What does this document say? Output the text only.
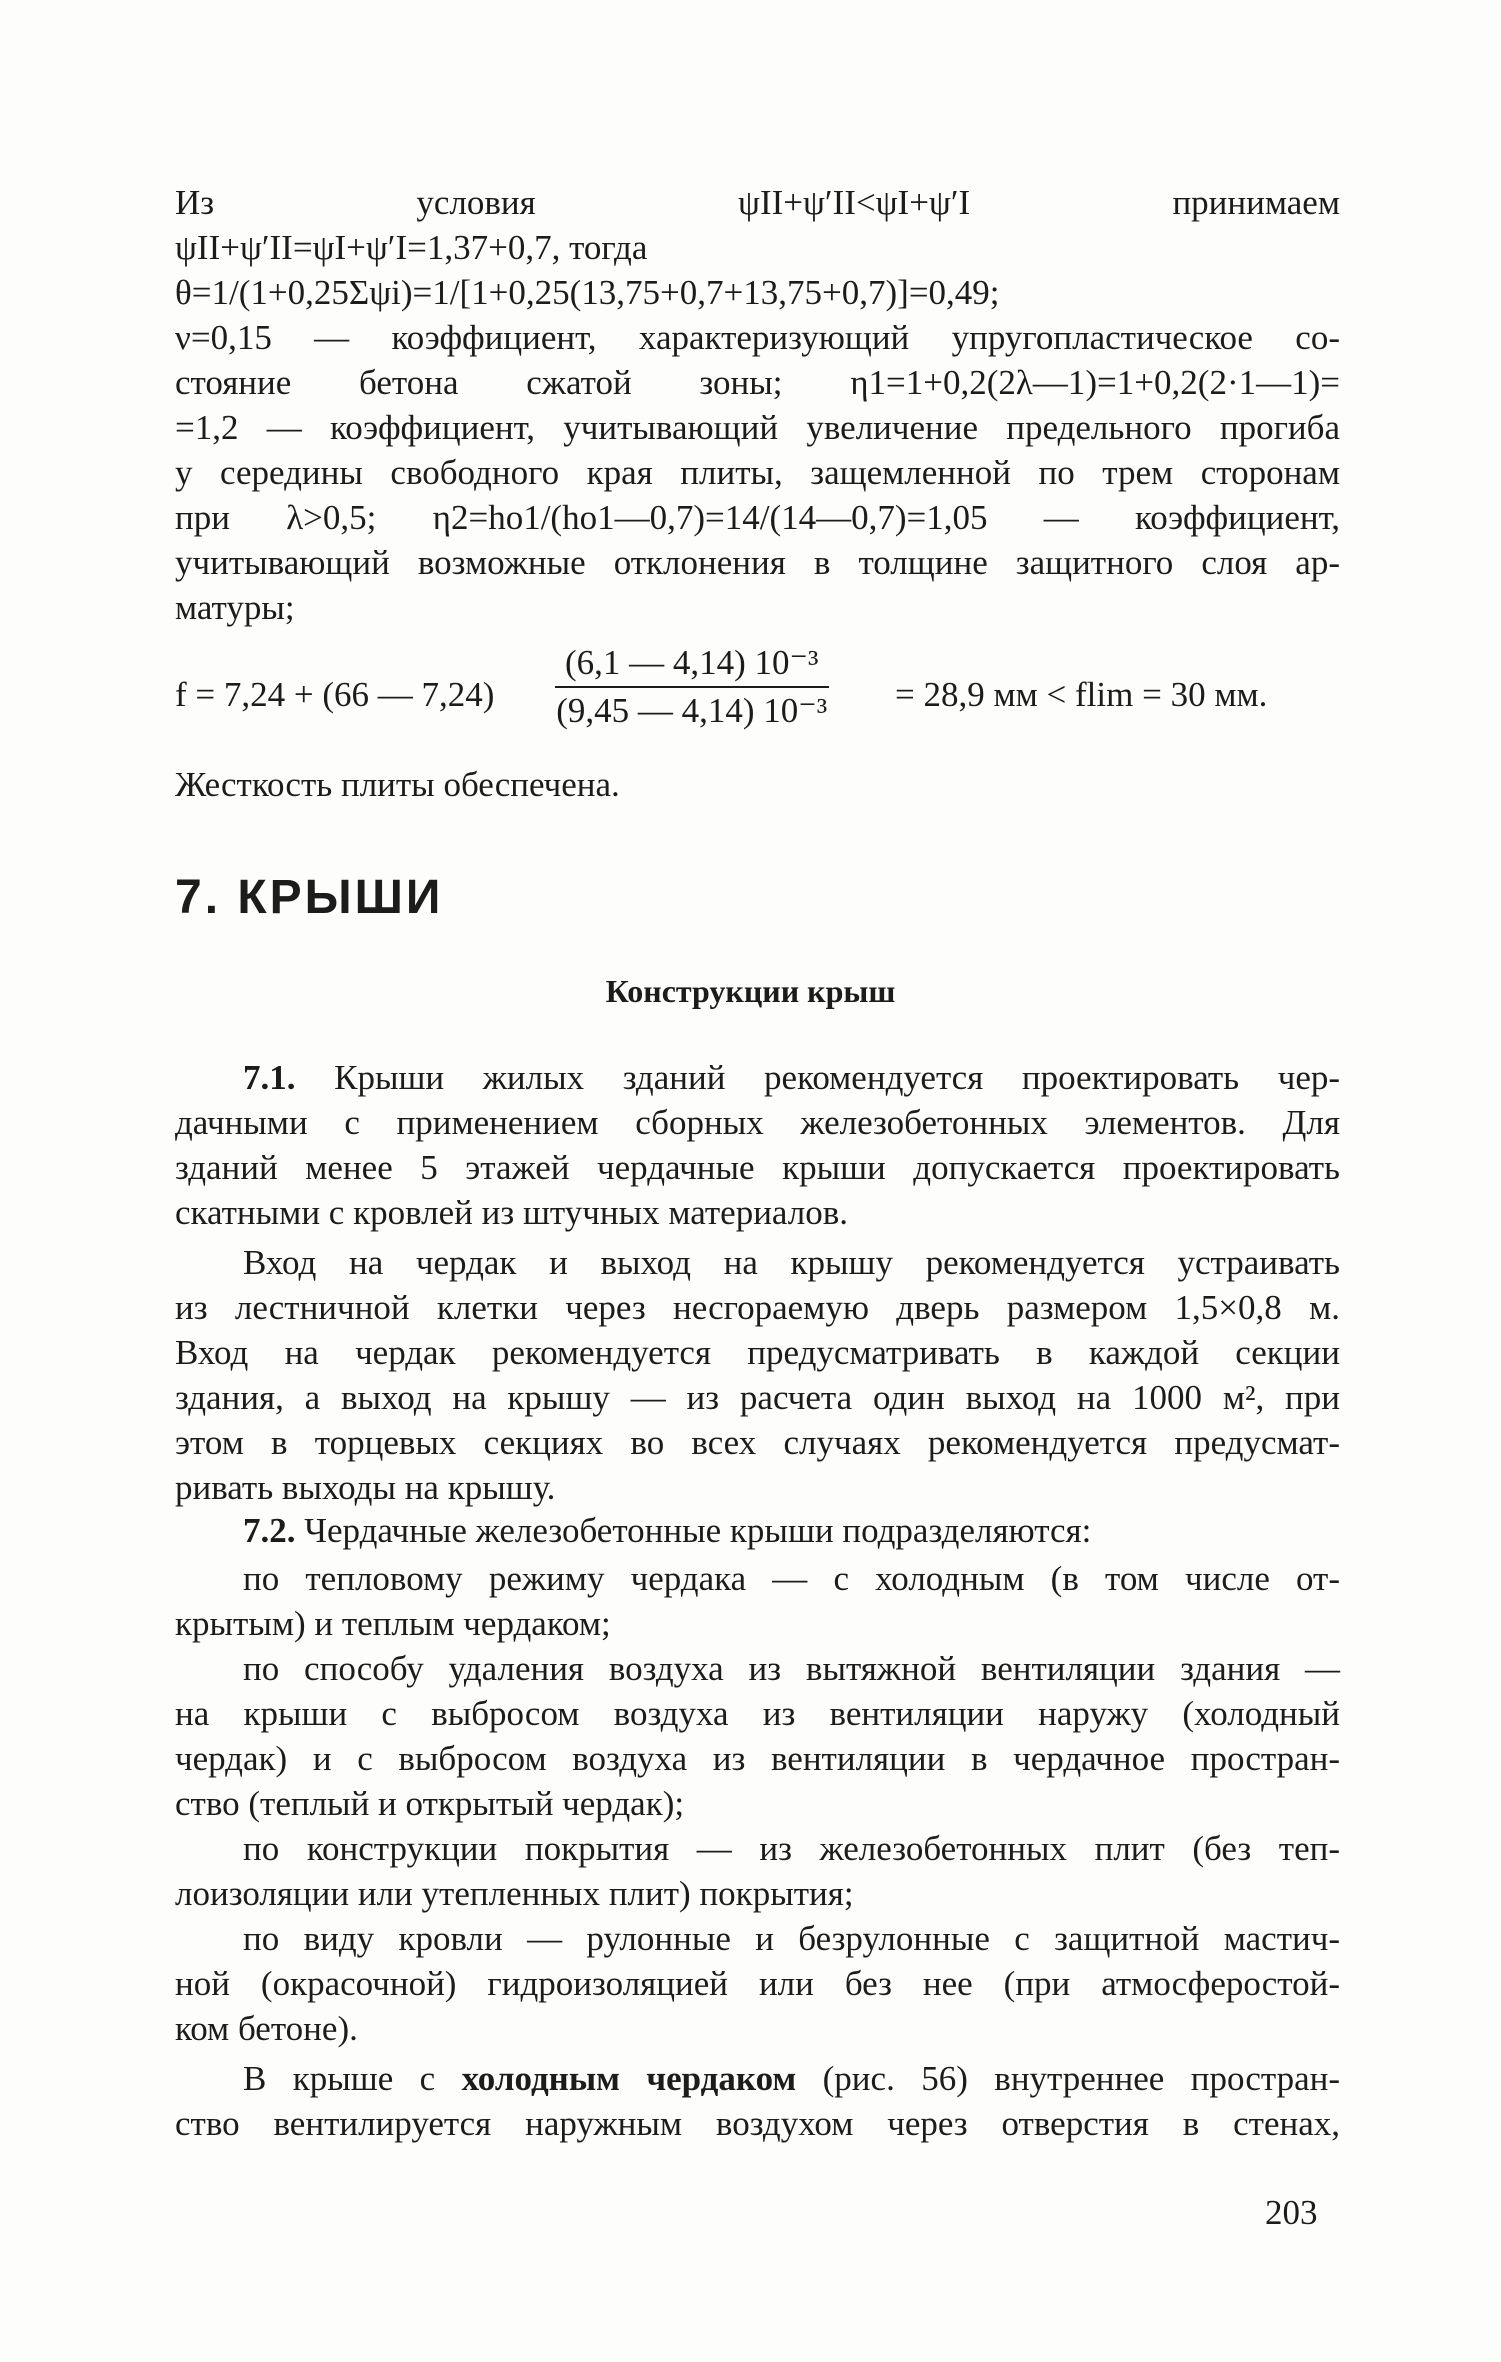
Из условия ψII+ψ′II<ψI+ψ′I принимаем
ψII+ψ′II=ψI+ψ′I=1,37+0,7, тогда
θ=1/(1+0,25Σψi)=1/[1+0,25(13,75+0,7+13,75+0,7)]=0,49;
ν=0,15 — коэффициент, характеризующий упругопластическое со-
стояние бетона сжатой зоны; η1=1+0,2(2λ—1)=1+0,2(2·1—1)=
=1,2 — коэффициент, учитывающий увеличение предельного прогиба
у середины свободного края плиты, защемленной по трем сторонам
при λ>0,5; η2=hо1/(hо1—0,7)=14/(14—0,7)=1,05 — коэффициент,
учитывающий возможные отклонения в толщине защитного слоя ар-
матуры;
f = 7,24 + (66 — $7,24) \frac{\text{(6,1 — 4,14) 10⁻³}}{\text{(9,45 — 4,14) 10⁻³}} = 28,9$ мм < flim = 30 мм.
Жесткость плиты обеспечена.
7. КРЫШИ
Конструкции крыш
7.1. Крыши жилых зданий рекомендуется проектировать чер-
дачными с применением сборных железобетонных элементов. Для
зданий менее 5 этажей чердачные крыши допускается проектировать
скатными с кровлей из штучных материалов.
Вход на чердак и выход на крышу рекомендуется устраивать
из лестничной клетки через несгораемую дверь размером 1,5×0,8 м.
Вход на чердак рекомендуется предусматривать в каждой секции
здания, а выход на крышу — из расчета один выход на 1000 м², при
этом в торцевых секциях во всех случаях рекомендуется предусмат-
ривать выходы на крышу.
7.2. Чердачные железобетонные крыши подразделяются:
по тепловому режиму чердака — с холодным (в том числе от-
крытым) и теплым чердаком;
по способу удаления воздуха из вытяжной вентиляции здания —
на крыши с выбросом воздуха из вентиляции наружу (холодный
чердак) и с выбросом воздуха из вентиляции в чердачное простран-
ство (теплый и открытый чердак);
по конструкции покрытия — из железобетонных плит (без теп-
лоизоляции или утепленных плит) покрытия;
по виду кровли — рулонные и безрулонные с защитной мастич-
ной (окрасочной) гидроизоляцией или без нее (при атмосферостой-
ком бетоне).
В крыше с холодным чердаком (рис. 56) внутреннее простран-
ство вентилируется наружным воздухом через отверстия в стенах,
203
